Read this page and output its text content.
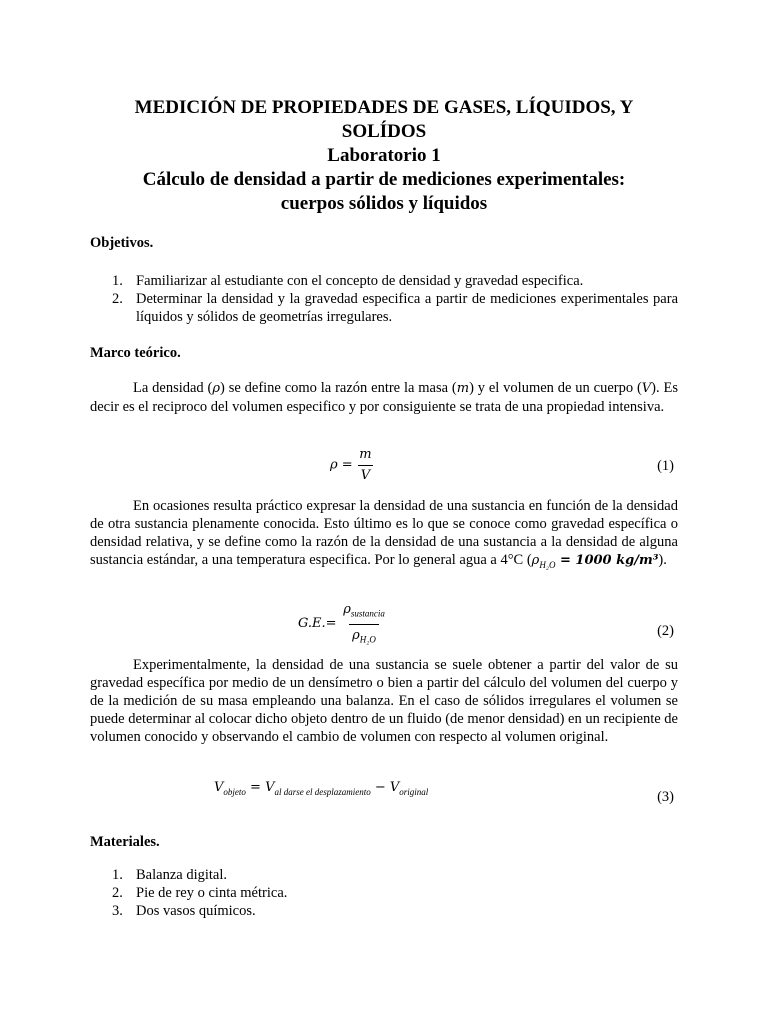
MEDICIÓN DE PROPIEDADES DE GASES, LÍQUIDOS, Y
SOLÍDOS
Laboratorio 1
Cálculo de densidad a partir de mediciones experimentales:
cuerpos sólidos y líquidos
Objetivos.
1. Familiarizar al estudiante con el concepto de densidad y gravedad especifica.
2. Determinar la densidad y la gravedad especifica a partir de mediciones experimentales para líquidos y sólidos de geometrías irregulares.
Marco teórico.
La densidad (ρ) se define como la razón entre la masa (m) y el volumen de un cuerpo (V). Es decir es el reciproco del volumen especifico y por consiguiente se trata de una propiedad intensiva.
$\rho = \frac{m}{V}$	(1)
En ocasiones resulta práctico expresar la densidad de una sustancia en función de la densidad de otra sustancia plenamente conocida. Esto último es lo que se conoce como gravedad específica o densidad relativa, y se define como la razón de la densidad de una sustancia a la densidad de alguna sustancia estándar, a una temperatura especifica. Por lo general agua a 4°C ($\rho_{H_2O} = 1000$ kg/m³).
$G.E.= \frac{\rho_{sustancia}}{\rho_{H_2O}}$	(2)
Experimentalmente, la densidad de una sustancia se suele obtener a partir del valor de su gravedad específica por medio de un densímetro o bien a partir del cálculo del volumen del cuerpo y de la medición de su masa empleando una balanza. En el caso de sólidos irregulares el volumen se puede determinar al colocar dicho objeto dentro de un fluido (de menor densidad) en un recipiente de volumen conocido y observando el cambio de volumen con respecto al volumen original.
$V_{objeto} = V_{al darse el desplazamiento} - V_{original}$	(3)
Materiales.
1. Balanza digital.
2. Pie de rey o cinta métrica.
3. Dos vasos químicos.
